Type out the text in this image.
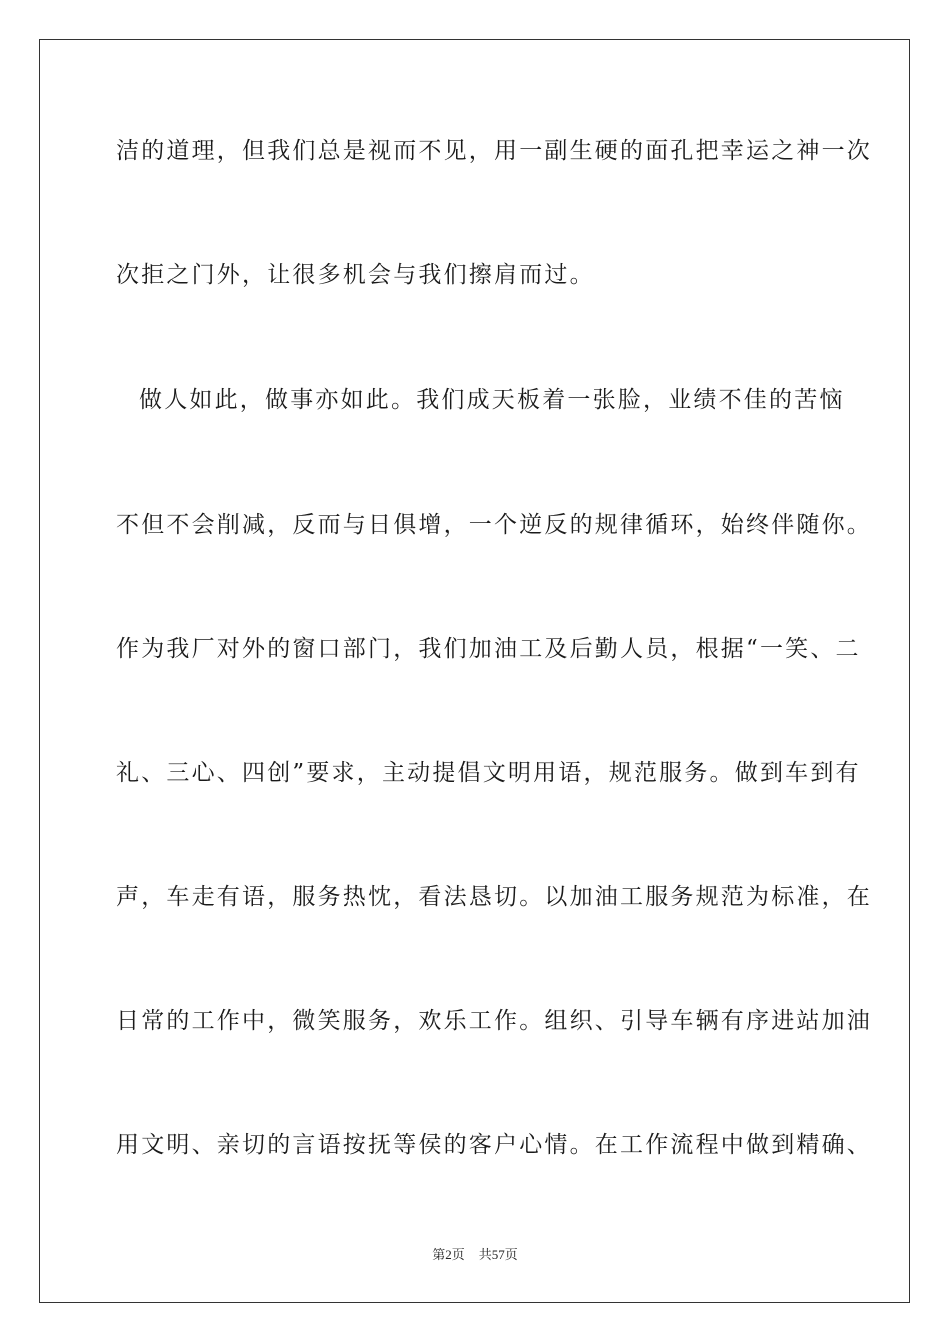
洁的道理，但我们总是视而不见，用一副生硬的面孔把幸运之神一次
次拒之门外，让很多机会与我们擦肩而过。
做人如此，做事亦如此。我们成天板着一张脸，业绩不佳的苦恼
不但不会削减，反而与日俱增，一个逆反的规律循环，始终伴随你。
作为我厂对外的窗口部门，我们加油工及后勤人员，根据“一笑、二
礼、三心、四创”要求，主动提倡文明用语，规范服务。做到车到有
声，车走有语，服务热忱，看法恳切。以加油工服务规范为标准，在
日常的工作中，微笑服务，欢乐工作。组织、引导车辆有序进站加油
用文明、亲切的言语按抚等侯的客户心情。在工作流程中做到精确、
第2页 共57页
